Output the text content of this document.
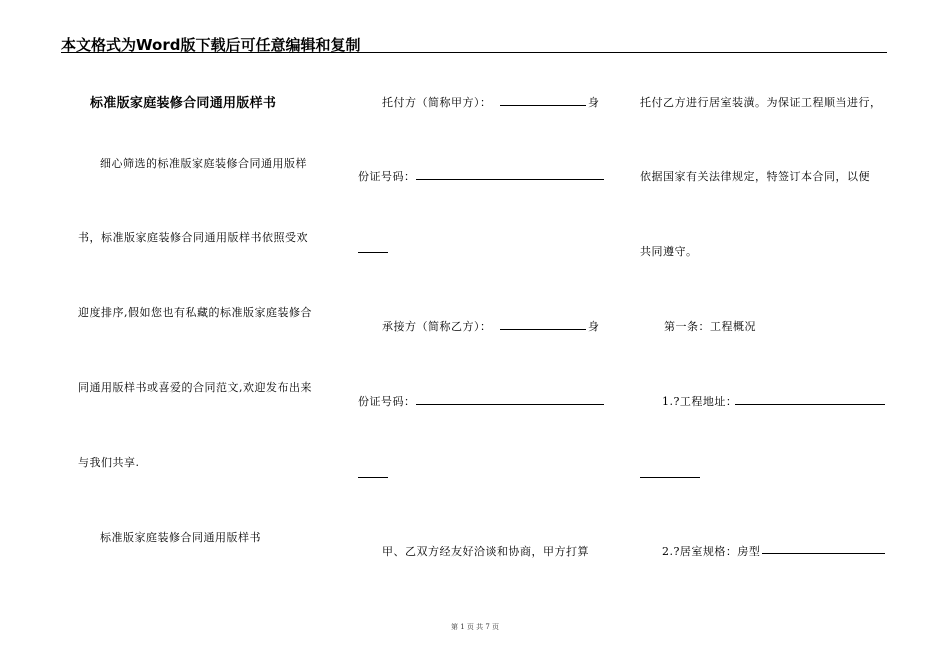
本文格式为Word版下载后可任意编辑和复制
标准版家庭装修合同通用版样书
细心筛选的标准版家庭装修合同通用版样
书，标准版家庭装修合同通用版样书依照受欢
迎度排序,假如您也有私藏的标准版家庭装修合
同通用版样书或喜爱的合同范文,欢迎发布出来
与我们共享.
标准版家庭装修合同通用版样书
托付方（简称甲方）：	身
份证号码：
承接方（简称乙方）：	身
份证号码：
甲、乙双方经友好洽谈和协商，甲方打算
托付乙方进行居室装潢。为保证工程顺当进行，
依据国家有关法律规定，特签订本合同，以便
共同遵守。
第一条：工程概况
1.?工程地址：
2.?居室规格：房型
第 1 页 共 7 页
